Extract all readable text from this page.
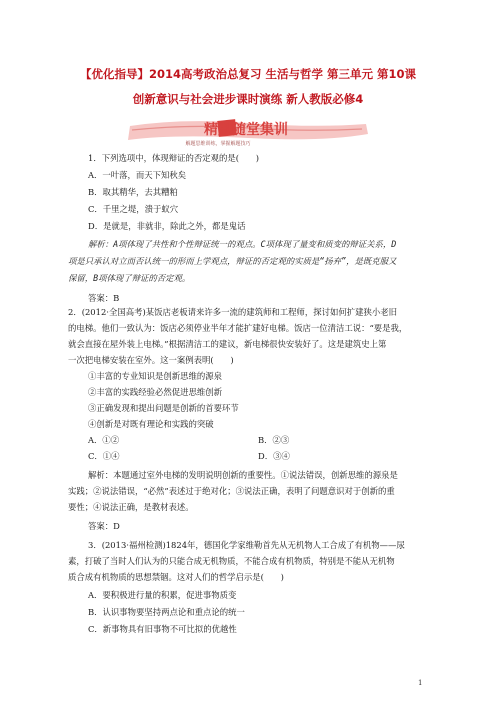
【优化指导】2014高考政治总复习 生活与哲学 第三单元 第10课
创新意识与社会进步课时演练 新人教版必修4
精题随堂集训
解题思维训练，掌握解题技巧
1．下列选项中，体现辩证的否定观的是(　　)
A．一叶落，而天下知秋矣
B．取其精华，去其糟粕
C．千里之堤，溃于蚁穴
D．是就是，非就非，除此之外，都是鬼话
解析：A项体现了共性和个性辩证统一的观点。C项体现了量变和质变的辩证关系，D
项是只承认对立而否认统一的形而上学观点，辩证的否定观的实质是“扬弃”，是既克服又
保留，B项体现了辩证的否定观。
答案：B
2．(2012·全国高考)某饭店老板请来许多一流的建筑师和工程师，探讨如何扩建狭小老旧
的电梯。他们一致认为：饭店必须停业半年才能扩建好电梯。饭店一位清洁工说：“要是我，
就会直接在屋外装上电梯。”根据清洁工的建议，新电梯很快安装好了。这是建筑史上第
一次把电梯安装在室外。这一案例表明(　　)
①丰富的专业知识是创新思维的源泉
②丰富的实践经验必然促进思维创新
③正确发现和提出问题是创新的首要环节
④创新是对既有理论和实践的突破
A．①②	B．②③
C．①④	D．③④
解析：本题通过室外电梯的发明说明创新的重要性。①说法错误，创新思维的源泉是
实践；②说法错误，“必然”表述过于绝对化；③说法正确，表明了问题意识对于创新的重
要性；④说法正确，是教材表述。
答案：D
3．(2013·福州检测)1824年，德国化学家维勒首先从无机物人工合成了有机物——尿
素，打破了当时人们认为的只能合成无机物质，不能合成有机物质，特别是不能从无机物
质合成有机物质的思想禁锢。这对人们的哲学启示是(　　)
A．要积极进行量的积累，促进事物质变
B．认识事物要坚持两点论和重点论的统一
C．新事物具有旧事物不可比拟的优越性
1
